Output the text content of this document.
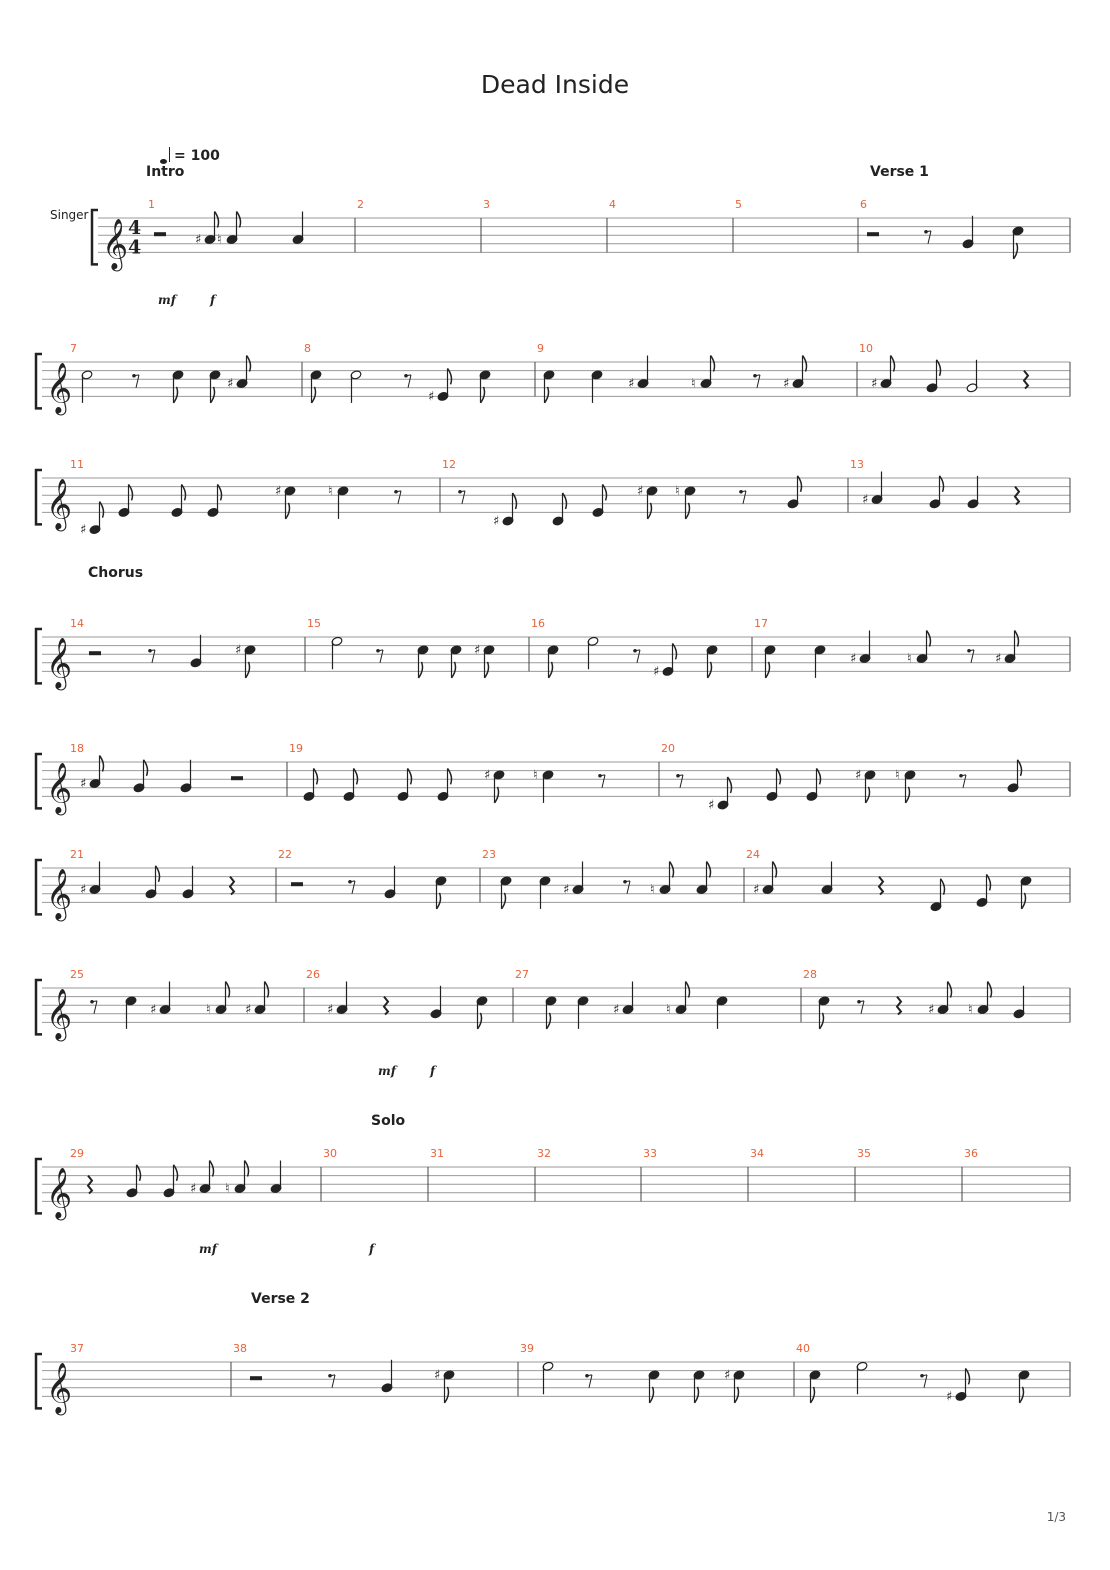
Dead Inside
= 100
Singer
𝄞 4
4
1	2	3	4	5	6
♯ ♮
𝄞
7	8	9	10
♯
♯
♯	♮	♯	♯
𝄞
11	12	13
♯
♯	♮
♯
♯ ♮
♯
𝄞
14	15	16	17
♯	♯
♯
♯	♮	♯
𝄞
18	19	20
♯
♯	♮
♯
♯	♮
𝄞
21	22	23	24
♯	♯	♮	♯
𝄞
25	26	27	28
♯	♮	♯	♯	♯	♮	♯	♮
𝄞
29	30	31	32	33	34	35	36
♯ ♮
𝄞
37	38	39	40
♯	♯
♯
Intro	Verse 1
Chorus
Solo
Verse 2
mf	f
mf	f
mf	f
1/3
